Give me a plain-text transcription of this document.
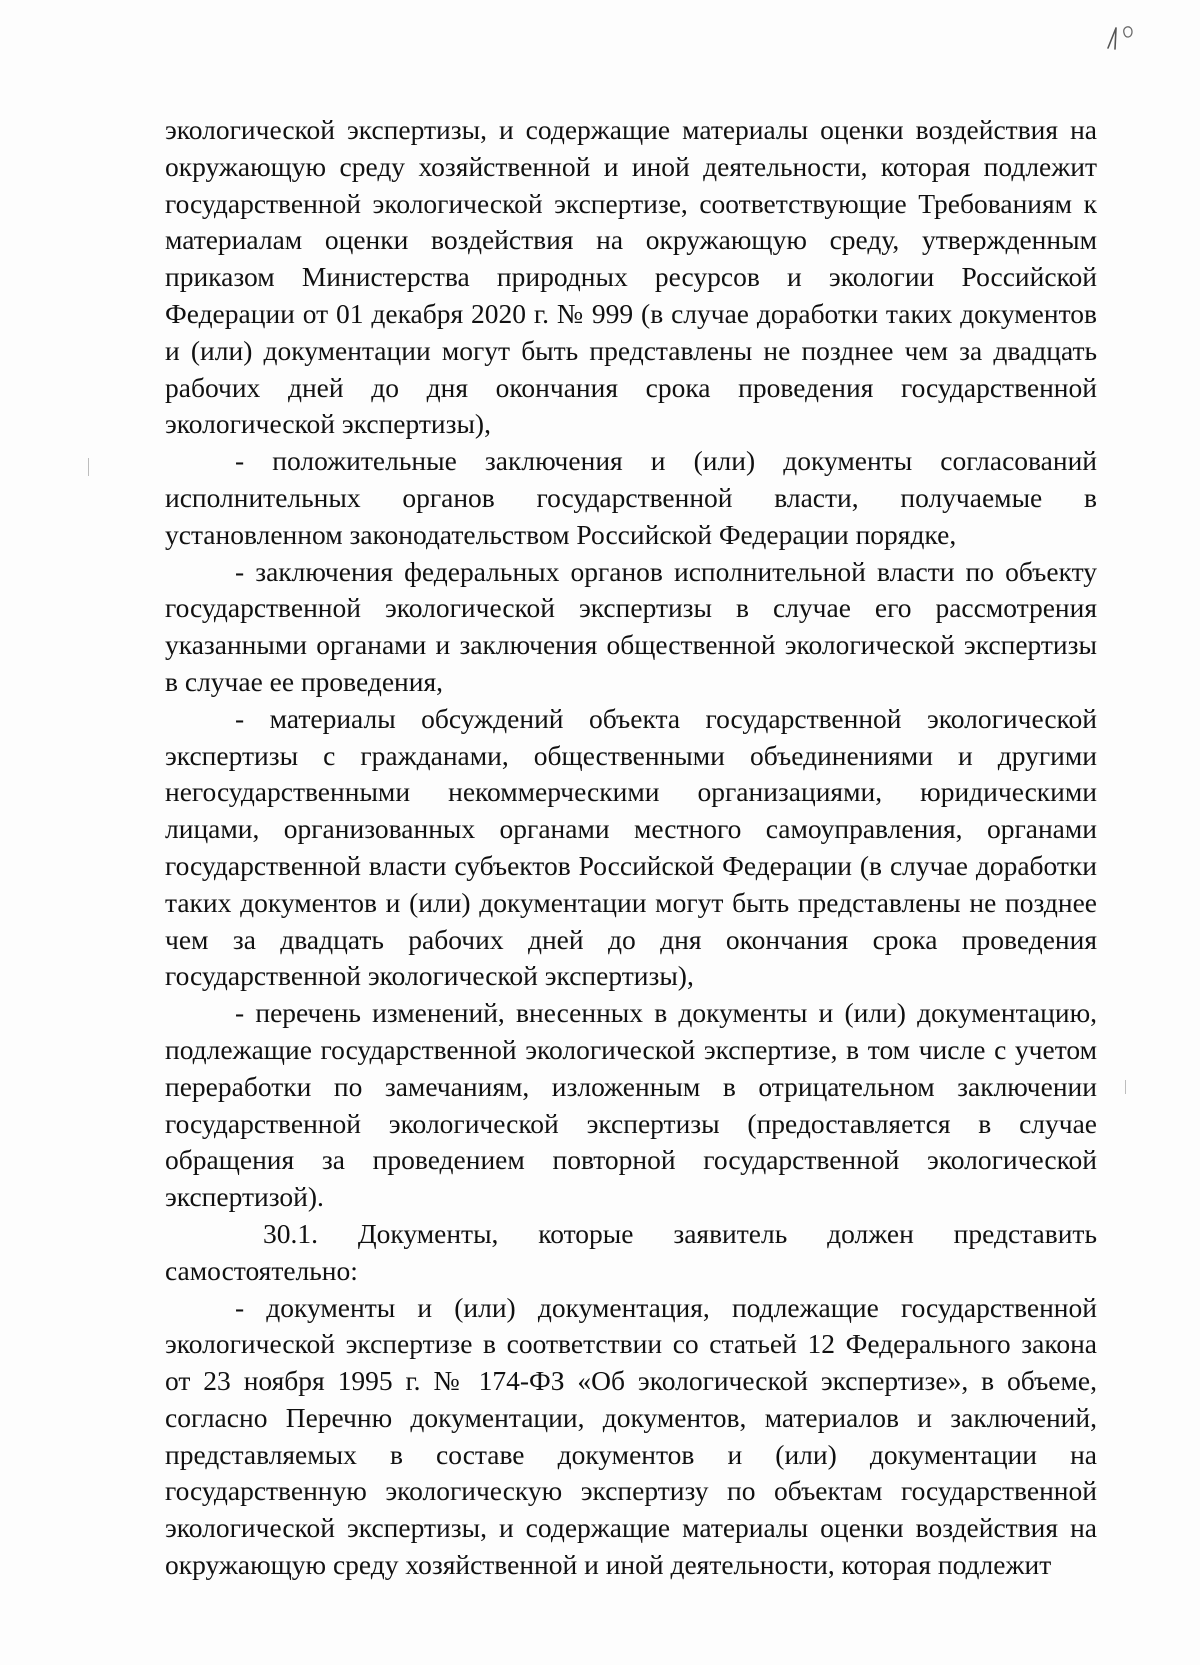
экологической экспертизы, и содержащие материалы оценки воздействия на окружающую среду хозяйственной и иной деятельности, которая подлежит государственной экологической экспертизе, соответствующие Требованиям к материалам оценки воздействия на окружающую среду, утвержденным приказом Министерства природных ресурсов и экологии Российской Федерации от 01 декабря 2020 г. № 999 (в случае доработки таких документов и (или) документации могут быть представлены не позднее чем за двадцать рабочих дней до дня окончания срока проведения государственной экологической экспертизы),

- положительные заключения и (или) документы согласований исполнительных органов государственной власти, получаемые в установленном законодательством Российской Федерации порядке,

- заключения федеральных органов исполнительной власти по объекту государственной экологической экспертизы в случае его рассмотрения указанными органами и заключения общественной экологической экспертизы в случае ее проведения,

- материалы обсуждений объекта государственной экологической экспертизы с гражданами, общественными объединениями и другими негосударственными некоммерческими организациями, юридическими лицами, организованных органами местного самоуправления, органами государственной власти субъектов Российской Федерации (в случае доработки таких документов и (или) документации могут быть представлены не позднее чем за двадцать рабочих дней до дня окончания срока проведения государственной экологической экспертизы),

- перечень изменений, внесенных в документы и (или) документацию, подлежащие государственной экологической экспертизе, в том числе с учетом переработки по замечаниям, изложенным в отрицательном заключении государственной экологической экспертизы (предоставляется в случае обращения за проведением повторной государственной экологической экспертизой).

30.1. Документы, которые заявитель должен представить самостоятельно:

- документы и (или) документация, подлежащие государственной экологической экспертизе в соответствии со статьей 12 Федерального закона от 23 ноября 1995 г. № 174-ФЗ «Об экологической экспертизе», в объеме, согласно Перечню документации, документов, материалов и заключений, представляемых в составе документов и (или) документации на государственную экологическую экспертизу по объектам государственной экологической экспертизы, и содержащие материалы оценки воздействия на окружающую среду хозяйственной и иной деятельности, которая подлежит
